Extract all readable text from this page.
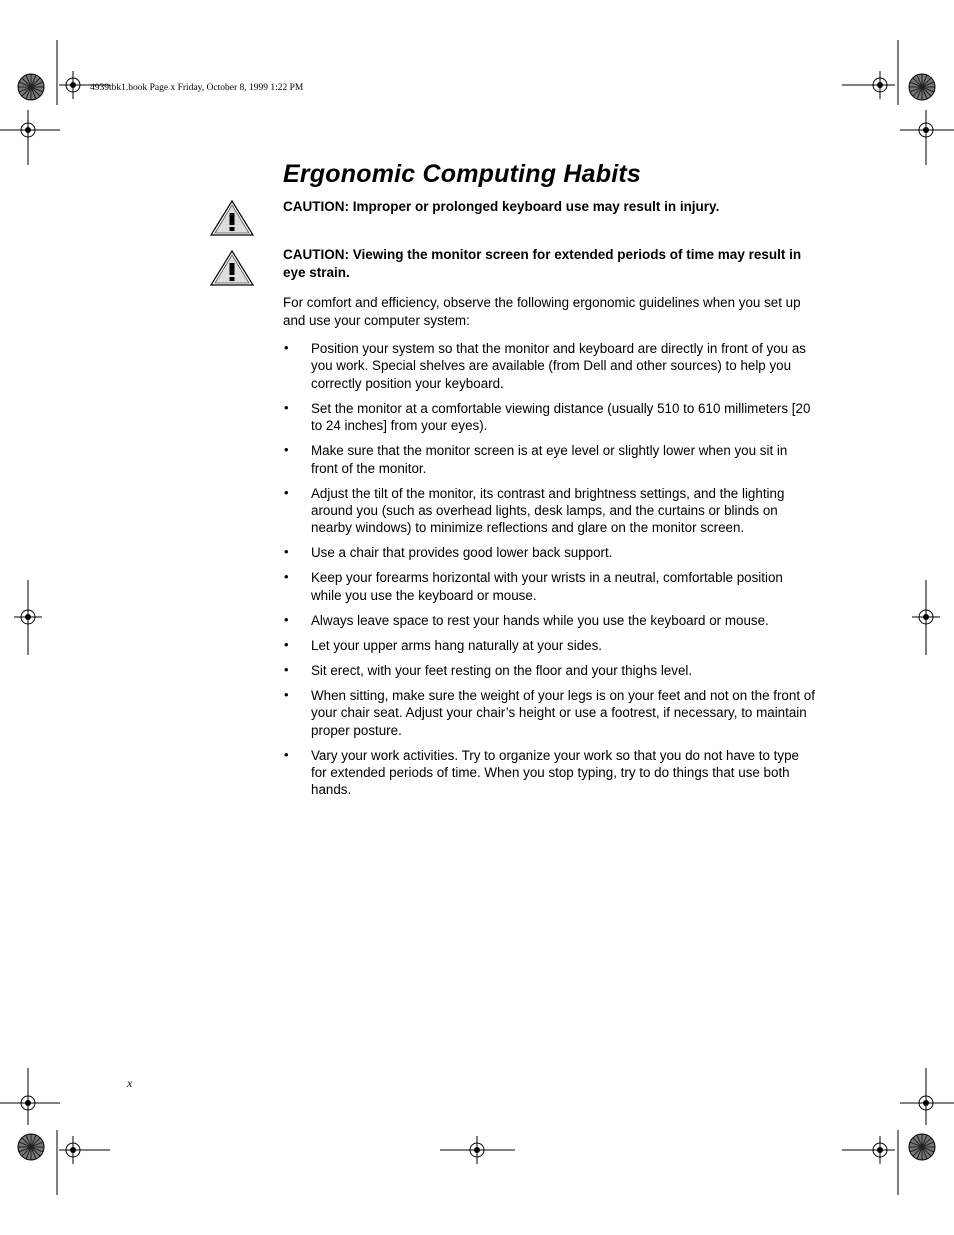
4939tbk1.book Page x Friday, October 8, 1999 1:22 PM
Ergonomic Computing Habits

CAUTION: Improper or prolonged keyboard use may result in injury.

CAUTION: Viewing the monitor screen for extended periods of time may result in eye strain.

For comfort and efficiency, observe the following ergonomic guidelines when you set up and use your computer system:

• Position your system so that the monitor and keyboard are directly in front of you as you work. Special shelves are available (from Dell and other sources) to help you correctly position your keyboard.
• Set the monitor at a comfortable viewing distance (usually 510 to 610 millimeters [20 to 24 inches] from your eyes).
• Make sure that the monitor screen is at eye level or slightly lower when you sit in front of the monitor.
• Adjust the tilt of the monitor, its contrast and brightness settings, and the lighting around you (such as overhead lights, desk lamps, and the curtains or blinds on nearby windows) to minimize reflections and glare on the monitor screen.
• Use a chair that provides good lower back support.
• Keep your forearms horizontal with your wrists in a neutral, comfortable position while you use the keyboard or mouse.
• Always leave space to rest your hands while you use the keyboard or mouse.
• Let your upper arms hang naturally at your sides.
• Sit erect, with your feet resting on the floor and your thighs level.
• When sitting, make sure the weight of your legs is on your feet and not on the front of your chair seat. Adjust your chair’s height or use a footrest, if necessary, to maintain proper posture.
• Vary your work activities. Try to organize your work so that you do not have to type for extended periods of time. When you stop typing, try to do things that use both hands.
x
